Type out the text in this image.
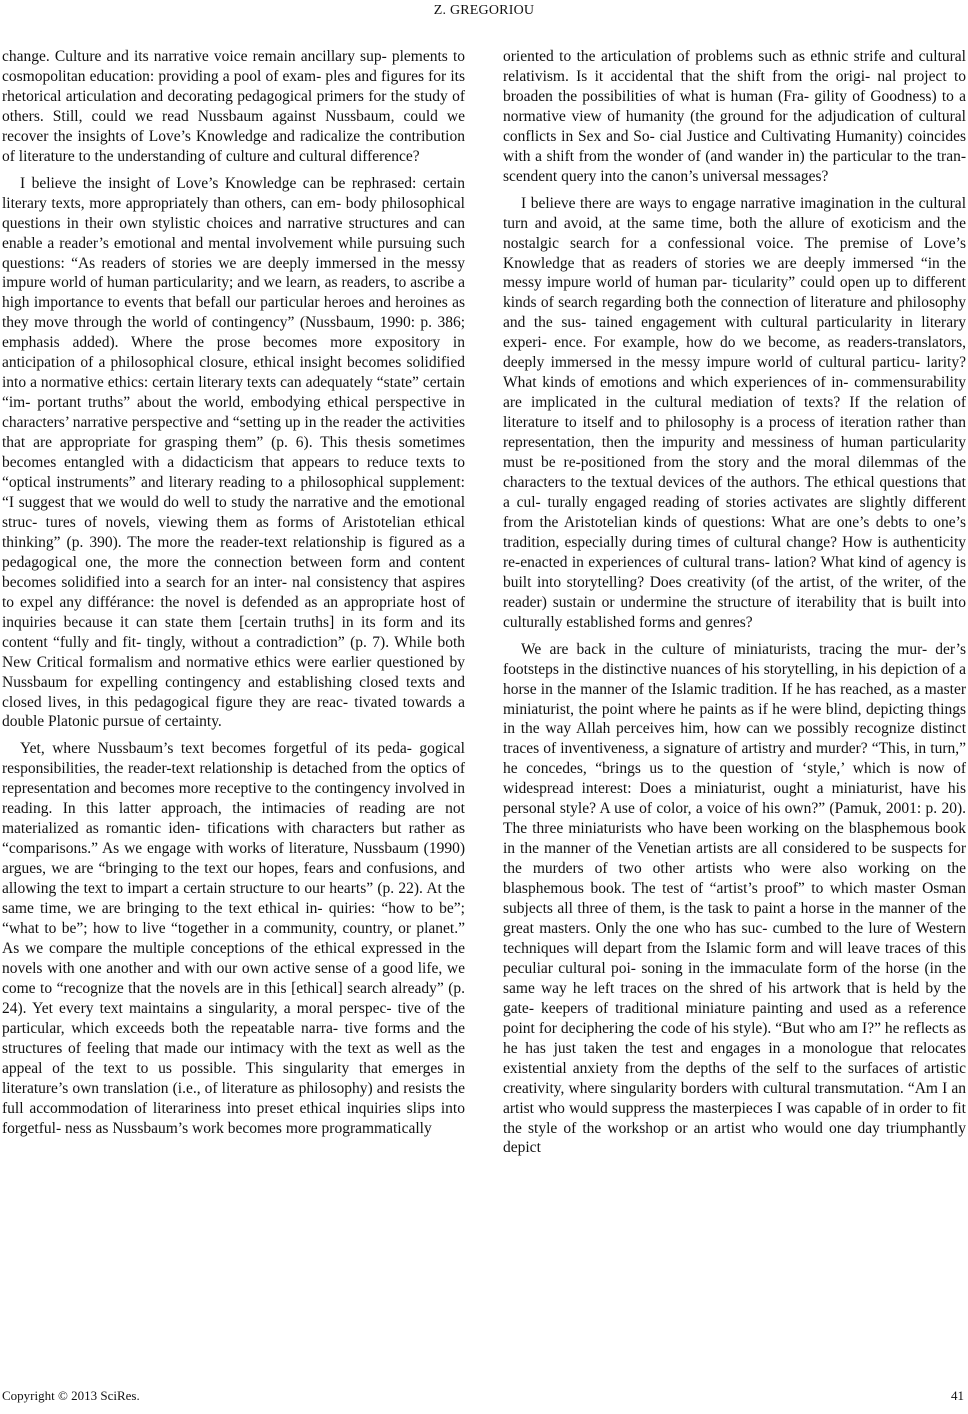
Z. GREGORIOU

change. Culture and its narrative voice remain ancillary sup- plements to cosmopolitan education: providing a pool of exam- ples and figures for its rhetorical articulation and decorating pedagogical primers for the study of others. Still, could we read Nussbaum against Nussbaum, could we recover the insights of Love’s Knowledge and radicalize the contribution of literature to the understanding of culture and cultural difference?

I believe the insight of Love’s Knowledge can be rephrased: certain literary texts, more appropriately than others, can em- body philosophical questions in their own stylistic choices and narrative structures and can enable a reader’s emotional and mental involvement while pursuing such questions: “As readers of stories we are deeply immersed in the messy impure world of human particularity; and we learn, as readers, to ascribe a high importance to events that befall our particular heroes and heroines as they move through the world of contingency” (Nussbaum, 1990: p. 386; emphasis added). Where the prose becomes more expository in anticipation of a philosophical closure, ethical insight becomes solidified into a normative ethics: certain literary texts can adequately “state” certain “im- portant truths” about the world, embodying ethical perspective in characters’ narrative perspective and “setting up in the reader the activities that are appropriate for grasping them” (p. 6). This thesis sometimes becomes entangled with a didacticism that appears to reduce texts to “optical instruments” and literary reading to a philosophical supplement: “I suggest that we would do well to study the narrative and the emotional struc- tures of novels, viewing them as forms of Aristotelian ethical thinking” (p. 390). The more the reader-text relationship is figured as a pedagogical one, the more the connection between form and content becomes solidified into a search for an inter- nal consistency that aspires to expel any différance: the novel is defended as an appropriate host of inquiries because it can state them [certain truths] in its form and its content “fully and fit- tingly, without a contradiction” (p. 7). While both New Critical formalism and normative ethics were earlier questioned by Nussbaum for expelling contingency and establishing closed texts and closed lives, in this pedagogical figure they are reac- tivated towards a double Platonic pursue of certainty.

Yet, where Nussbaum’s text becomes forgetful of its peda- gogical responsibilities, the reader-text relationship is detached from the optics of representation and becomes more receptive to the contingency involved in reading. In this latter approach, the intimacies of reading are not materialized as romantic iden- tifications with characters but rather as “comparisons.” As we engage with works of literature, Nussbaum (1990) argues, we are “bringing to the text our hopes, fears and confusions, and allowing the text to impart a certain structure to our hearts” (p. 22). At the same time, we are bringing to the text ethical in- quiries: “how to be”; “what to be”; how to live “together in a community, country, or planet.” As we compare the multiple conceptions of the ethical expressed in the novels with one another and with our own active sense of a good life, we come to “recognize that the novels are in this [ethical] search already” (p. 24). Yet every text maintains a singularity, a moral perspec- tive of the particular, which exceeds both the repeatable narra- tive forms and the structures of feeling that made our intimacy with the text as well as the appeal of the text to us possible. This singularity that emerges in literature’s own translation (i.e., of literature as philosophy) and resists the full accommodation of literariness into preset ethical inquiries slips into forgetful- ness as Nussbaum’s work becomes more programmatically

oriented to the articulation of problems such as ethnic strife and cultural relativism. Is it accidental that the shift from the origi- nal project to broaden the possibilities of what is human (Fra- gility of Goodness) to a normative view of humanity (the ground for the adjudication of cultural conflicts in Sex and So- cial Justice and Cultivating Humanity) coincides with a shift from the wonder of (and wander in) the particular to the tran- scendent query into the canon’s universal messages?

I believe there are ways to engage narrative imagination in the cultural turn and avoid, at the same time, both the allure of exoticism and the nostalgic search for a confessional voice. The premise of Love’s Knowledge that as readers of stories we are deeply immersed “in the messy impure world of human par- ticularity” could open up to different kinds of search regarding both the connection of literature and philosophy and the sus- tained engagement with cultural particularity in literary experi- ence. For example, how do we become, as readers-translators, deeply immersed in the messy impure world of cultural particu- larity? What kinds of emotions and which experiences of in- commensurability are implicated in the cultural mediation of texts? If the relation of literature to itself and to philosophy is a process of iteration rather than representation, then the impurity and messiness of human particularity must be re-positioned from the story and the moral dilemmas of the characters to the textual devices of the authors. The ethical questions that a cul- turally engaged reading of stories activates are slightly different from the Aristotelian kinds of questions: What are one’s debts to one’s tradition, especially during times of cultural change? How is authenticity re-enacted in experiences of cultural trans- lation? What kind of agency is built into storytelling? Does creativity (of the artist, of the writer, of the reader) sustain or undermine the structure of iterability that is built into culturally established forms and genres?

We are back in the culture of miniaturists, tracing the mur- der’s footsteps in the distinctive nuances of his storytelling, in his depiction of a horse in the manner of the Islamic tradition. If he has reached, as a master miniaturist, the point where he paints as if he were blind, depicting things in the way Allah perceives him, how can we possibly recognize distinct traces of inventiveness, a signature of artistry and murder? “This, in turn,” he concedes, “brings us to the question of ‘style,’ which is now of widespread interest: Does a miniaturist, ought a miniaturist, have his personal style? A use of color, a voice of his own?” (Pamuk, 2001: p. 20). The three miniaturists who have been working on the blasphemous book in the manner of the Venetian artists are all considered to be suspects for the murders of two other artists who were also working on the blasphemous book. The test of “artist’s proof” to which master Osman subjects all three of them, is the task to paint a horse in the manner of the great masters. Only the one who has suc- cumbed to the lure of Western techniques will depart from the Islamic form and will leave traces of this peculiar cultural poi- soning in the immaculate form of the horse (in the same way he left traces on the shred of his artwork that is held by the gate- keepers of traditional miniature painting and used as a reference point for deciphering the code of his style). “But who am I?” he reflects as he has just taken the test and engages in a monologue that relocates existential anxiety from the depths of the self to the surfaces of artistic creativity, where singularity borders with cultural transmutation. “Am I an artist who would suppress the masterpieces I was capable of in order to fit the style of the workshop or an artist who would one day triumphantly depict

Copyright © 2013 SciRes.	41
